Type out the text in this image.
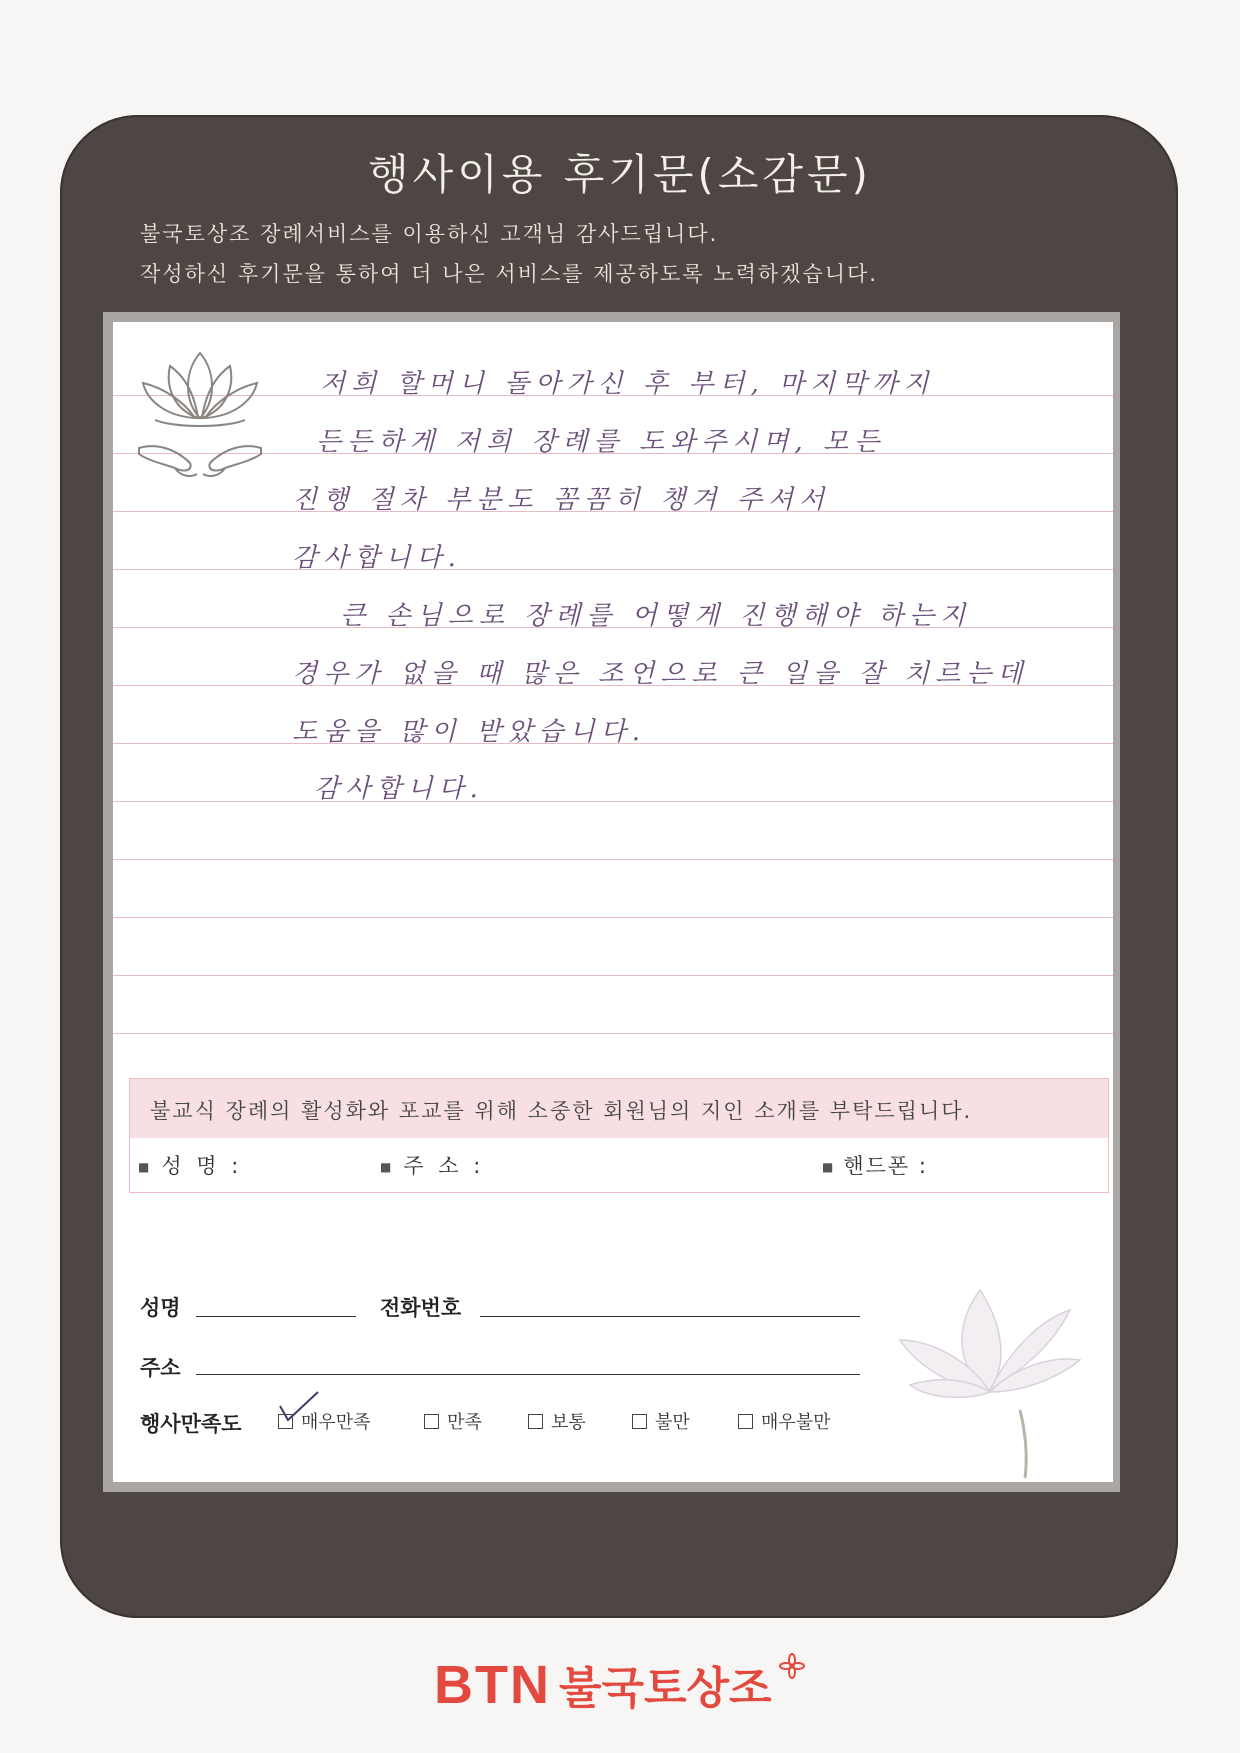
행사이용 후기문(소감문)
불국토상조 장례서비스를 이용하신 고객님 감사드립니다.
작성하신 후기문을 통하여 더 나은 서비스를 제공하도록 노력하겠습니다.
저희 할머니 돌아가신 후 부터, 마지막까지
든든하게 저희 장례를 도와주시며, 모든
진행 절차 부분도 꼼꼼히 챙겨 주셔서
감사합니다.
큰 손님으로 장례를 어떻게 진행해야 하는지
경우가 없을 때 많은 조언으로 큰 일을 잘 치르는데
도움을 많이 받았습니다.
감사합니다.
불교식 장례의 활성화와 포교를 위해 소중한 회원님의 지인 소개를 부탁드립니다.
■ 성 명 :	■ 주 소 :	■ 핸드폰 :
성명	전화번호
주소
행사만족도	매우만족	만족	보통	불만	매우불만
BTN 불국토상조
